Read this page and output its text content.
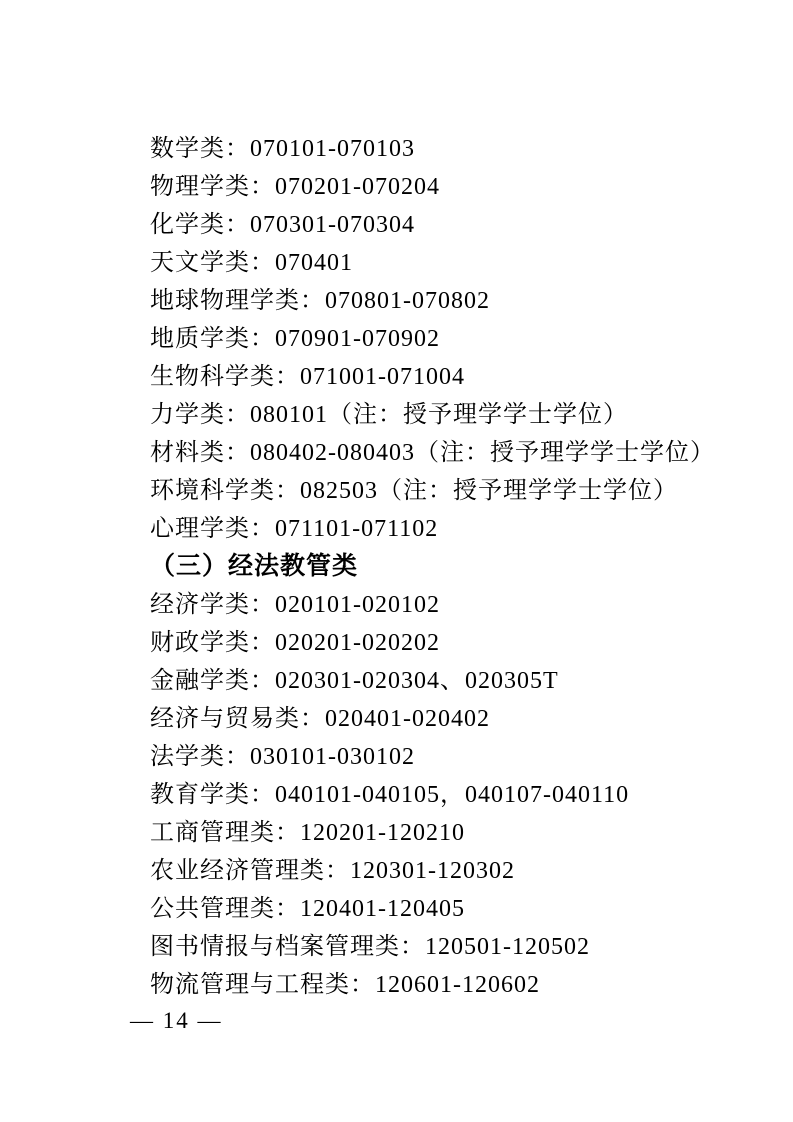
数学类：070101-070103

物理学类：070201-070204

化学类：070301-070304

天文学类：070401

地球物理学类：070801-070802

地质学类：070901-070902

生物科学类：071001-071004

力学类：080101（注：授予理学学士学位）

材料类：080402-080403（注：授予理学学士学位）

环境科学类：082503（注：授予理学学士学位）

心理学类：071101-071102

（三）经法教管类

经济学类：020101-020102

财政学类：020201-020202

金融学类：020301-020304、020305T

经济与贸易类：020401-020402

法学类：030101-030102

教育学类：040101-040105，040107-040110

工商管理类：120201-120210

农业经济管理类：120301-120302

公共管理类：120401-120405

图书情报与档案管理类：120501-120502

物流管理与工程类：120601-120602

— 14 —
